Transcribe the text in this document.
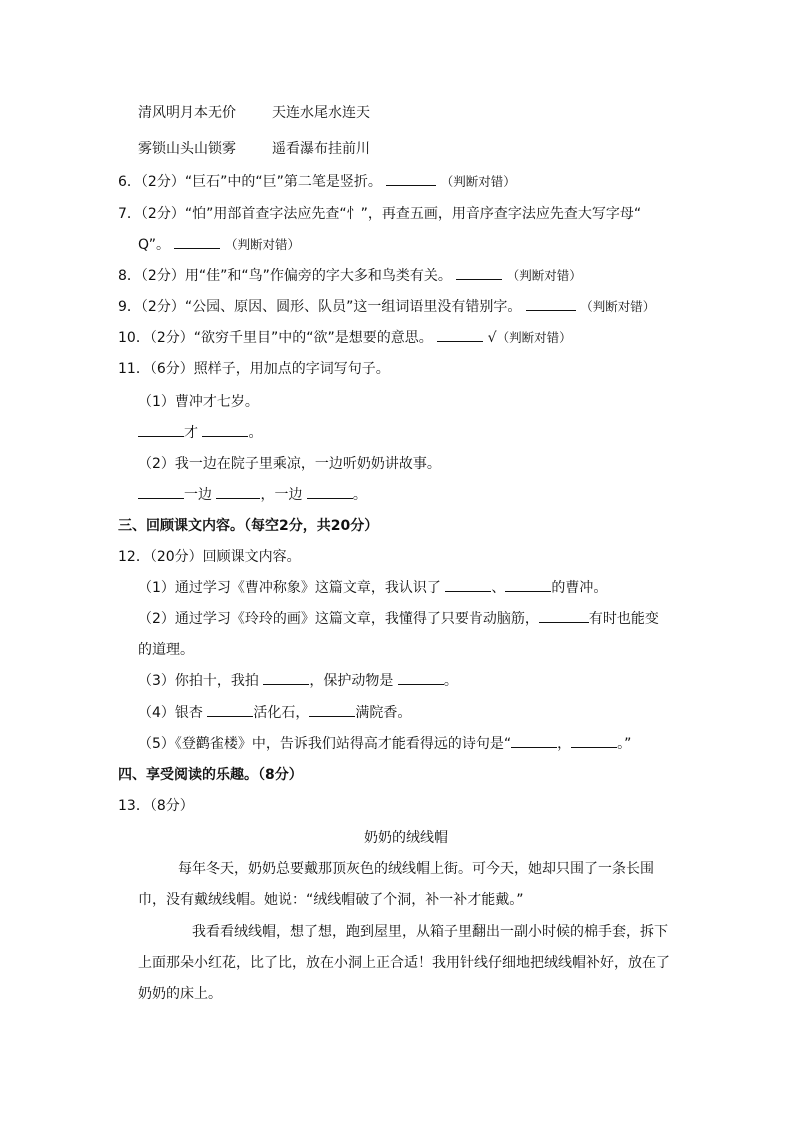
清风明月本无价	天连水尾水连天
雾锁山头山锁雾	遥看瀑布挂前川
6．（2分）“巨石”中的“巨”第二笔是竖折。	（判断对错）
7．（2分）“怕”用部首查字法应先查“忄”，再查五画，用音序查字法应先查大写字母“
Q”。	（判断对错）
8．（2分）用“佳”和“鸟”作偏旁的字大多和鸟类有关。	（判断对错）
9．（2分）“公园、原因、圆形、队员”这一组词语里没有错别字。	（判断对错）
10．（2分）“欲穷千里目”中的“欲”是想要的意思。	√（判断对错）
11．（6分）照样子，用加点的字词写句子。
（1）曹冲才七岁。
才	。
（2）我一边在院子里乘凉，一边听奶奶讲故事。
一边	，一边	。
三、回顾课文内容。（每空2分，共20分）
12．（20分）回顾课文内容。
（1）通过学习《曹冲称象》这篇文章，我认识了	、	的曹冲。
（2）通过学习《玲玲的画》这篇文章，我懂得了只要肯动脑筋，	有时也能变
的道理。
（3）你拍十，我拍	，保护动物是	。
（4）银杏	活化石，	满院香。
（5）《登鹳雀楼》中，告诉我们站得高才能看得远的诗句是“	，	。”
四、享受阅读的乐趣。（8分）
13．（8分）
奶奶的绒线帽
每年冬天，奶奶总要戴那顶灰色的绒线帽上街。可今天，她却只围了一条长围
巾，没有戴绒线帽。她说：“绒线帽破了个洞，补一补才能戴。”
我看看绒线帽，想了想，跑到屋里，从箱子里翻出一副小时候的棉手套，拆下
上面那朵小红花，比了比，放在小洞上正合适！我用针线仔细地把绒线帽补好，放在了
奶奶的床上。
